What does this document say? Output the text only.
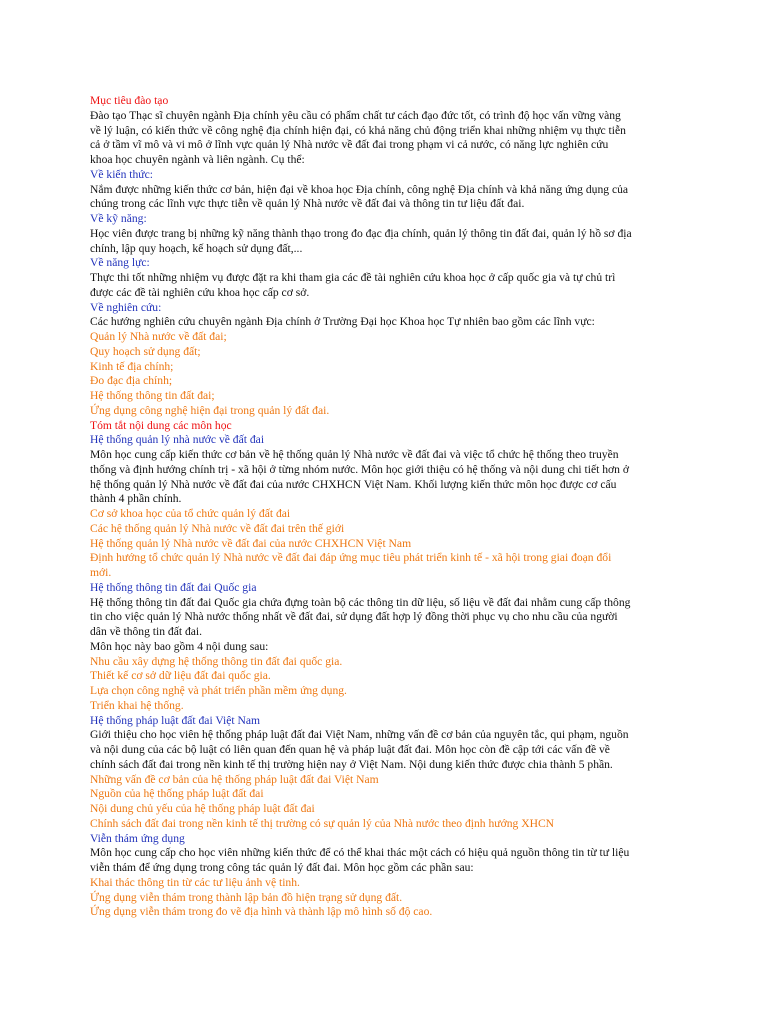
Mục tiêu đào tạo
Đào tạo Thạc sĩ chuyên ngành Địa chính yêu cầu có phẩm chất tư cách đạo đức tốt, có trình độ học vấn vững vàng
về lý luận, có kiến thức về công nghệ địa chính hiện đại, có khả năng chủ động triển khai những nhiệm vụ thực tiễn
cả ở tầm vĩ mô và vi mô ở lĩnh vực quản lý Nhà nước về đất đai trong phạm vi cả nước, có năng lực nghiên cứu
khoa học chuyên ngành và liên ngành. Cụ thể:
Về kiến thức:
Nắm được những kiến thức cơ bản, hiện đại về khoa học Địa chính, công nghệ Địa chính và khả năng ứng dụng của
chúng trong các lĩnh vực thực tiễn về quản lý Nhà nước về đất đai và thông tin tư liệu đất đai.
Về kỹ năng:
Học viên được trang bị những kỹ năng thành thạo trong đo đạc địa chính, quản lý thông tin đất đai, quản lý hồ sơ địa
chính, lập quy hoạch, kế hoạch sử dụng đất,...
Về năng lực:
Thực thi tốt những nhiệm vụ được đặt ra khi tham gia các đề tài nghiên cứu khoa học ở cấp quốc gia và tự chủ trì
được các đề tài nghiên cứu khoa học cấp cơ sở.
Về nghiên cứu:
Các hướng nghiên cứu chuyên ngành Địa chính ở Trường Đại học Khoa học Tự nhiên bao gồm các lĩnh vực:
Quản lý Nhà nước về đất đai;
Quy hoạch sử dụng đất;
Kinh tế địa chính;
Đo đạc địa chính;
Hệ thống thông tin đất đai;
Ứng dụng công nghệ hiện đại trong quản lý đất đai.
Tóm tắt nội dung các môn học
Hệ thống quản lý nhà nước về đất đai
Môn học cung cấp kiến thức cơ bản về hệ thống quản lý Nhà nước về đất đai và việc tổ chức hệ thống theo truyền
thống và định hướng chính trị - xã hội ở từng nhóm nước. Môn học giới thiệu có hệ thống và nội dung chi tiết hơn ở
hệ thống quản lý Nhà nước về đất đai của nước CHXHCN Việt Nam. Khối lượng kiến thức môn học được cơ cấu
thành 4 phần chính.
Cơ sở khoa học của tổ chức quản lý đất đai
Các hệ thống quản lý Nhà nước về đất đai trên thế giới
Hệ thống quản lý Nhà nước về đất đai của nước CHXHCN Việt Nam
Định hướng tổ chức quản lý Nhà nước về đất đai đáp ứng mục tiêu phát triển kinh tế - xã hội trong giai đoạn đổi
mới.
Hệ thống thông tin đất đai Quốc gia
Hệ thống thông tin đất đai Quốc gia chứa đựng toàn bộ các thông tin dữ liệu, số liệu về đất đai nhằm cung cấp thông
tin cho việc quản lý Nhà nước thống nhất về đất đai, sử dụng đất hợp lý đồng thời phục vụ cho nhu cầu của người
dân về thông tin đất đai.
Môn học này bao gồm 4 nội dung sau:
Nhu cầu xây dựng hệ thống thông tin đất đai quốc gia.
Thiết kế cơ sở dữ liệu đất đai quốc gia.
Lựa chọn công nghệ và phát triển phần mềm ứng dụng.
Triển khai hệ thống.
Hệ thống pháp luật đất đai Việt Nam
Giới thiệu cho học viên hệ thống pháp luật đất đai Việt Nam, những vấn đề cơ bản của nguyên tắc, qui phạm, nguồn
và nội dung của các bộ luật có liên quan đến quan hệ và pháp luật đất đai. Môn học còn đề cập tới các vấn đề về
chính sách đất đai trong nền kinh tế thị trường hiện nay ở Việt Nam. Nội dung kiến thức được chia thành 5 phần.
Những vấn đề cơ bản của hệ thống pháp luật đất đai Việt Nam
Nguồn của hệ thống pháp luật đất đai
Nội dung chủ yếu của hệ thống pháp luật đất đai
Chính sách đất đai trong nền kinh tế thị trường có sự quản lý của Nhà nước theo định hướng XHCN
Viễn thám ứng dụng
Môn học cung cấp cho học viên những kiến thức để có thể khai thác một cách có hiệu quả nguồn thông tin từ tư liệu
viễn thám để ứng dụng trong công tác quản lý đất đai. Môn học gồm các phần sau:
Khai thác thông tin từ các tư liệu ảnh vệ tinh.
Ứng dụng viễn thám trong thành lập bản đồ hiện trạng sử dụng đất.
Ứng dụng viễn thám trong đo vẽ địa hình và thành lập mô hình số độ cao.
